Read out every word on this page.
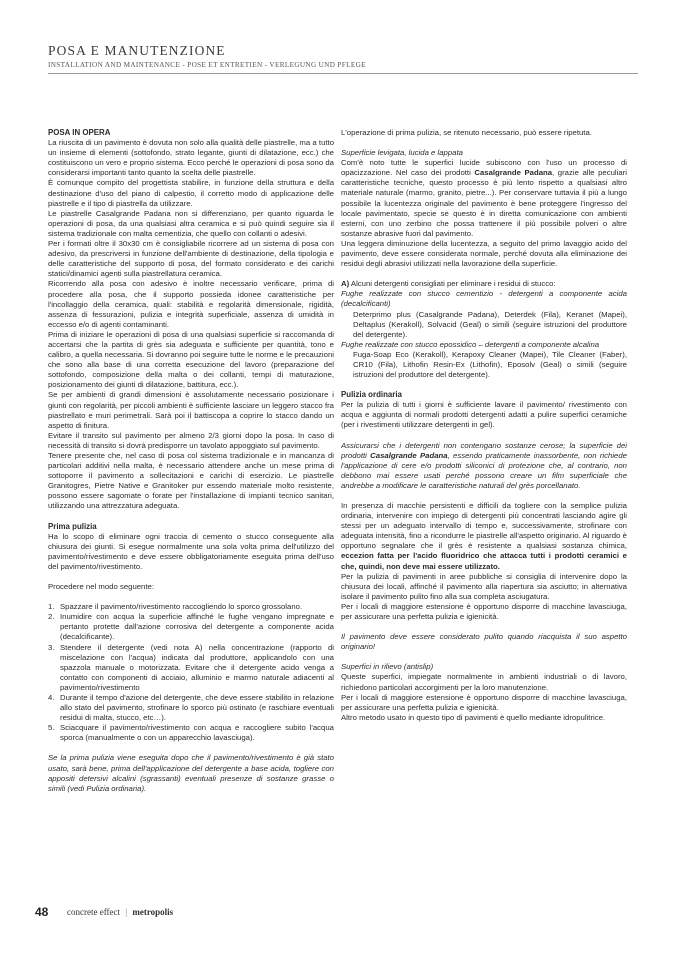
POSA E MANUTENZIONE
INSTALLATION AND MAINTENANCE - POSE ET ENTRETIEN - VERLEGUNG UND PFLEGE
POSA IN OPERA

La riuscita di un pavimento è dovuta non solo alla qualità delle piastrelle, ma a tutto un insieme di elementi (sottofondo, strato legante, giunti di dilatazione, ecc.) che costituiscono un vero e proprio sistema. Ecco perché le operazioni di posa sono da considerarsi importanti tanto quanto la scelta delle piastrelle.

È comunque compito del progettista stabilire, in funzione della struttura e della destinazione d'uso del piano di calpestio, il corretto modo di applicazione delle piastrelle e il tipo di piastrella da utilizzare.

Le piastrelle Casalgrande Padana non si differenziano, per quanto riguarda le operazioni di posa, da una qualsiasi altra ceramica e si può quindi seguire sia il sistema tradizionale con malta cementizia, che quello con collanti o adesivi.

Per i formati oltre il 30x30 cm è consigliabile ricorrere ad un sistema di posa con adesivo, da prescriversi in funzione dell'ambiente di destinazione, della tipologia e delle caratteristiche del supporto di posa, del formato considerato e dei carichi statici/dinamici agenti sulla piastrellatura ceramica.

Ricorrendo alla posa con adesivo è inoltre necessario verificare, prima di procedere alla posa, che il supporto possieda idonee caratteristiche per l'incollaggio della ceramica, quali: stabilità e regolarità dimensionale, rigidità, assenza di fessurazioni, pulizia e integrità superficiale, assenza di umidità in eccesso e/o di agenti contaminanti.

Prima di iniziare le operazioni di posa di una qualsiasi superficie si raccomanda di accertarsi che la partita di grès sia adeguata e sufficiente per quantità, tono e calibro, a quella necessaria. Si dovranno poi seguire tutte le norme e le precauzioni che sono alla base di una corretta esecuzione del lavoro (preparazione del sottofondo, composizione della malta o dei collanti, tempi di maturazione, posizionamento dei giunti di dilatazione, battitura, ecc.).

Se per ambienti di grandi dimensioni è assolutamente necessario posizionare i giunti con regolarità, per piccoli ambienti è sufficiente lasciare un leggero stacco fra piastrellato e muri perimetrali. Sarà poi il battiscopa a coprire lo stacco dando un aspetto di finitura.

Evitare il transito sul pavimento per almeno 2/3 giorni dopo la posa. In caso di necessità di transito si dovrà predisporre un tavolato appoggiato sul pavimento.

Tenere presente che, nel caso di posa col sistema tradizionale e in mancanza di particolari additivi nella malta, è necessario attendere anche un mese prima di sottoporre il pavimento a sollecitazioni e carichi di esercizio. Le piastrelle Granitogres, Pietre Native e Granitoker pur essendo materiale molto resistente, possono essere sagomate o forate per l'installazione di impianti tecnico sanitari, utilizzando una attrezzatura adeguata.

Prima pulizia

Ha lo scopo di eliminare ogni traccia di cemento o stucco conseguente alla chiusura dei giunti. Si esegue normalmente una sola volta prima dell'utilizzo del pavimento/rivestimento e deve essere obbligatoriamente eseguita prima dell'uso del pavimento/rivestimento.

Procedere nel modo seguente:

1. Spazzare il pavimento/rivestimento raccogliendo lo sporco grossolano.
2. Inumidire con acqua la superficie affinché le fughe vengano impregnate e pertanto protette dall'azione corrosiva del detergente a componente acida (decalcificante).
3. Stendere il detergente (vedi nota A) nella concentrazione (rapporto di miscelazione con l'acqua) indicata dal produttore, applicandolo con una spazzola manuale o motorizzata. Evitare che il detergente acido venga a contatto con componenti di acciaio, alluminio e marmo naturale adiacenti al pavimento/rivestimento
4. Durante il tempo d'azione del detergente, che deve essere stabilito in relazione allo stato del pavimento, strofinare lo sporco più ostinato (e raschiare eventuali residui di malta, stucco, etc…).
5. Sciacquare il pavimento/rivestimento con acqua e raccogliere subito l'acqua sporca (manualmente o con un apparecchio lavasciuga).

Se la prima pulizia viene eseguita dopo che il pavimento/rivestimento è già stato usato, sarà bene, prima dell'applicazione del detergente a base acida, togliere con appositi detersivi alcalini (sgrassanti) eventuali presenze di sostanze grasse o simili (vedi Pulizia ordinaria).

L'operazione di prima pulizia, se ritenuto necessario, può essere ripetuta.

Superficie levigata, lucida e lappata

Com'è noto tutte le superfici lucide subiscono con l'uso un processo di opacizzazione. Nel caso dei prodotti Casalgrande Padana, grazie alle peculiari caratteristiche tecniche, questo processo è più lento rispetto a qualsiasi altro materiale naturale (marmo, granito, pietre...). Per conservare tuttavia il più a lungo possibile la lucentezza originale del pavimento è bene proteggere l'ingresso del locale pavimentato, specie se questo è in diretta comunicazione con ambienti esterni, con uno zerbino che possa trattenere il più possibile polveri o altre sostanze abrasive fuori dal pavimento.

Una leggera diminuzione della lucentezza, a seguito del primo lavaggio acido del pavimento, deve essere considerata normale, perché dovuta alla eliminazione dei residui degli abrasivi utilizzati nella lavorazione della superficie.

A) Alcuni detergenti consigliati per eliminare i residui di stucco:

Fughe realizzate con stucco cementizio - detergenti a componente acida (decalcificanti)

Deterprimo plus (Casalgrande Padana), Deterdek (Fila), Keranet (Mapei), Deltaplus (Kerakoll), Solvacid (Geal) o simili (seguire istruzioni del produttore del detergente).

Fughe realizzate con stucco epossidico – detergenti a componente alcalina

Fuga-Soap Eco (Kerakoll), Kerapoxy Cleaner (Mapei), Tile Cleaner (Faber), CR10 (Fila), Lithofin Resin-Ex (Lithofin), Eposolv (Geal) o simili (seguire istruzioni del produttore del detergente).

Pulizia ordinaria

Per la pulizia di tutti i giorni è sufficiente lavare il pavimento/ rivestimento con acqua e aggiunta di normali prodotti detergenti adatti a pulire superfici ceramiche (per i rivestimenti utilizzare detergenti in gel).

Assicurarsi che i detergenti non contengano sostanze cerose; la superficie dei prodotti Casalgrande Padana, essendo praticamente inassorbente, non richiede l'applicazione di cere e/o prodotti siliconici di protezione che, al contrario, non debbono mai essere usati perché possono creare un film superficiale che andrebbe a modificare le caratteristiche naturali del grès porcellanato.

In presenza di macchie persistenti e difficili da togliere con la semplice pulizia ordinaria, intervenire con impiego di detergenti più concentrati lasciando agire gli stessi per un adeguato intervallo di tempo e, successivamente, strofinare con adeguata intensità, fino a ricondurre le piastrelle all'aspetto originario. Al riguardo è opportuno segnalare che il grès è resistente a qualsiasi sostanza chimica, eccezion fatta per l'acido fluoridrico che attacca tutti i prodotti ceramici e che, quindi, non deve mai essere utilizzato.

Per la pulizia di pavimenti in aree pubbliche si consiglia di intervenire dopo la chiusura dei locali, affinché il pavimento alla riapertura sia asciutto; in alternativa isolare il pavimento pulito fino alla sua completa asciugatura.

Per i locali di maggiore estensione è opportuno disporre di macchine lavasciuga, per assicurare una perfetta pulizia e igienicità.

Il pavimento deve essere considerato pulito quando riacquista il suo aspetto originario!

Superfici in rilievo (antislip)

Queste superfici, impiegate normalmente in ambienti industriali o di lavoro, richiedono particolari accorgimenti per la loro manutenzione.

Per i locali di maggiore estensione è opportuno disporre di macchine lavasciuga, per assicurare una perfetta pulizia e igienicità.

Altro metodo usato in questo tipo di pavimenti è quello mediante idropulitrice.

48 concrete effect | metropolis
